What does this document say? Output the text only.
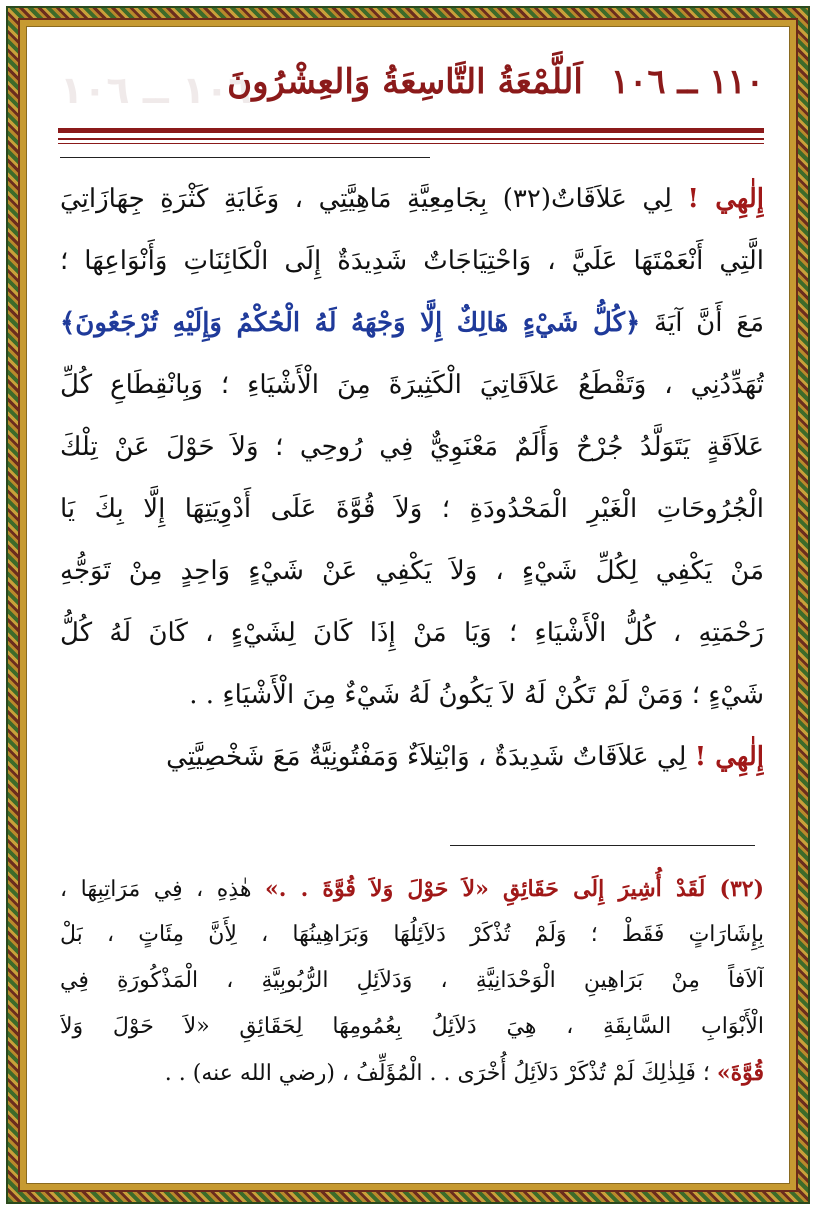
١٠٦ ــ ١٠٦	١١٠ ــ ١٠٦اَللَّمْعَةُ التَّاسِعَةُ وَالعِشْرُونَ
إِلٰهِي ! لِي عَلاَقَاتٌ(٣٢) بِجَامِعِيَّةِ مَاهِيَّتِي ، وَغَايَةِ كَثْرَةِ جِهَازَاتِيَ
الَّتِي أَنْعَمْتَهَا عَلَيَّ ، وَاحْتِيَاجَاتٌ شَدِيدَةٌ إِلَى الْكَائِنَاتِ وَأَنْوَاعِهَا ؛
مَعَ أَنَّ آيَةَ ﴿كُلُّ شَيْءٍ هَالِكٌ إِلَّا وَجْهَهُ لَهُ الْحُكْمُ وَإِلَيْهِ تُرْجَعُونَ﴾
تُهَدِّدُنِي ، وَتَقْطَعُ عَلاَقَاتِيَ الْكَثِيرَةَ مِنَ الْأَشْيَاءِ ؛ وَبِانْقِطَاعِ كُلِّ
عَلاَقَةٍ يَتَوَلَّدُ جُرْحٌ وَأَلَمٌ مَعْنَوِيٌّ فِي رُوحِي ؛ وَلاَ حَوْلَ عَنْ تِلْكَ
الْجُرُوحَاتِ الْغَيْرِ الْمَحْدُودَةِ ؛ وَلاَ قُوَّةَ عَلَى أَدْوِيَتِهَا إِلَّا بِكَ يَا
مَنْ يَكْفِي لِكُلِّ شَيْءٍ ، وَلاَ يَكْفِي عَنْ شَيْءٍ وَاحِدٍ مِنْ تَوَجُّهِ
رَحْمَتِهِ ، كُلُّ الْأَشْيَاءِ ؛ وَيَا مَنْ إِذَا كَانَ لِشَيْءٍ ، كَانَ لَهُ كُلُّ
شَيْءٍ ؛ وَمَنْ لَمْ تَكُنْ لَهُ لاَ يَكُونُ لَهُ شَيْءٌ مِنَ الْأَشْيَاءِ . .
إِلٰهِي ! لِي عَلاَقَاتٌ شَدِيدَةٌ ، وَابْتِلاَءٌ وَمَفْتُونِيَّةٌ مَعَ شَخْصِيَّتِي
(٣٢) لَقَدْ أُشِيرَ إِلَى حَقَائِقِ «لاَ حَوْلَ وَلاَ قُوَّةَ . .» هٰذِهِ ، فِي مَرَاتِبِهَا ،
بِإِشَارَاتٍ فَقَطْ ؛ وَلَمْ تُذْكَرْ دَلاَئِلُهَا وَبَرَاهِينُهَا ، لِأَنَّ مِئَاتٍ ، بَلْ
آلاَفاً مِنْ بَرَاهِينِ الْوَحْدَانِيَّةِ ، وَدَلاَئِلِ الرُّبُوبِيَّةِ ، الْمَذْكُورَةِ فِي
الْأَبْوَابِ السَّابِقَةِ ، هِيَ دَلاَئِلُ بِعُمُومِهَا لِحَقَائِقِ «لاَ حَوْلَ وَلاَ
قُوَّةَ» ؛ فَلِذٰلِكَ لَمْ تُذْكَرْ دَلاَئِلُ أُخْرَى . . الْمُؤَلِّفُ ، (رضي الله عنه) . .
